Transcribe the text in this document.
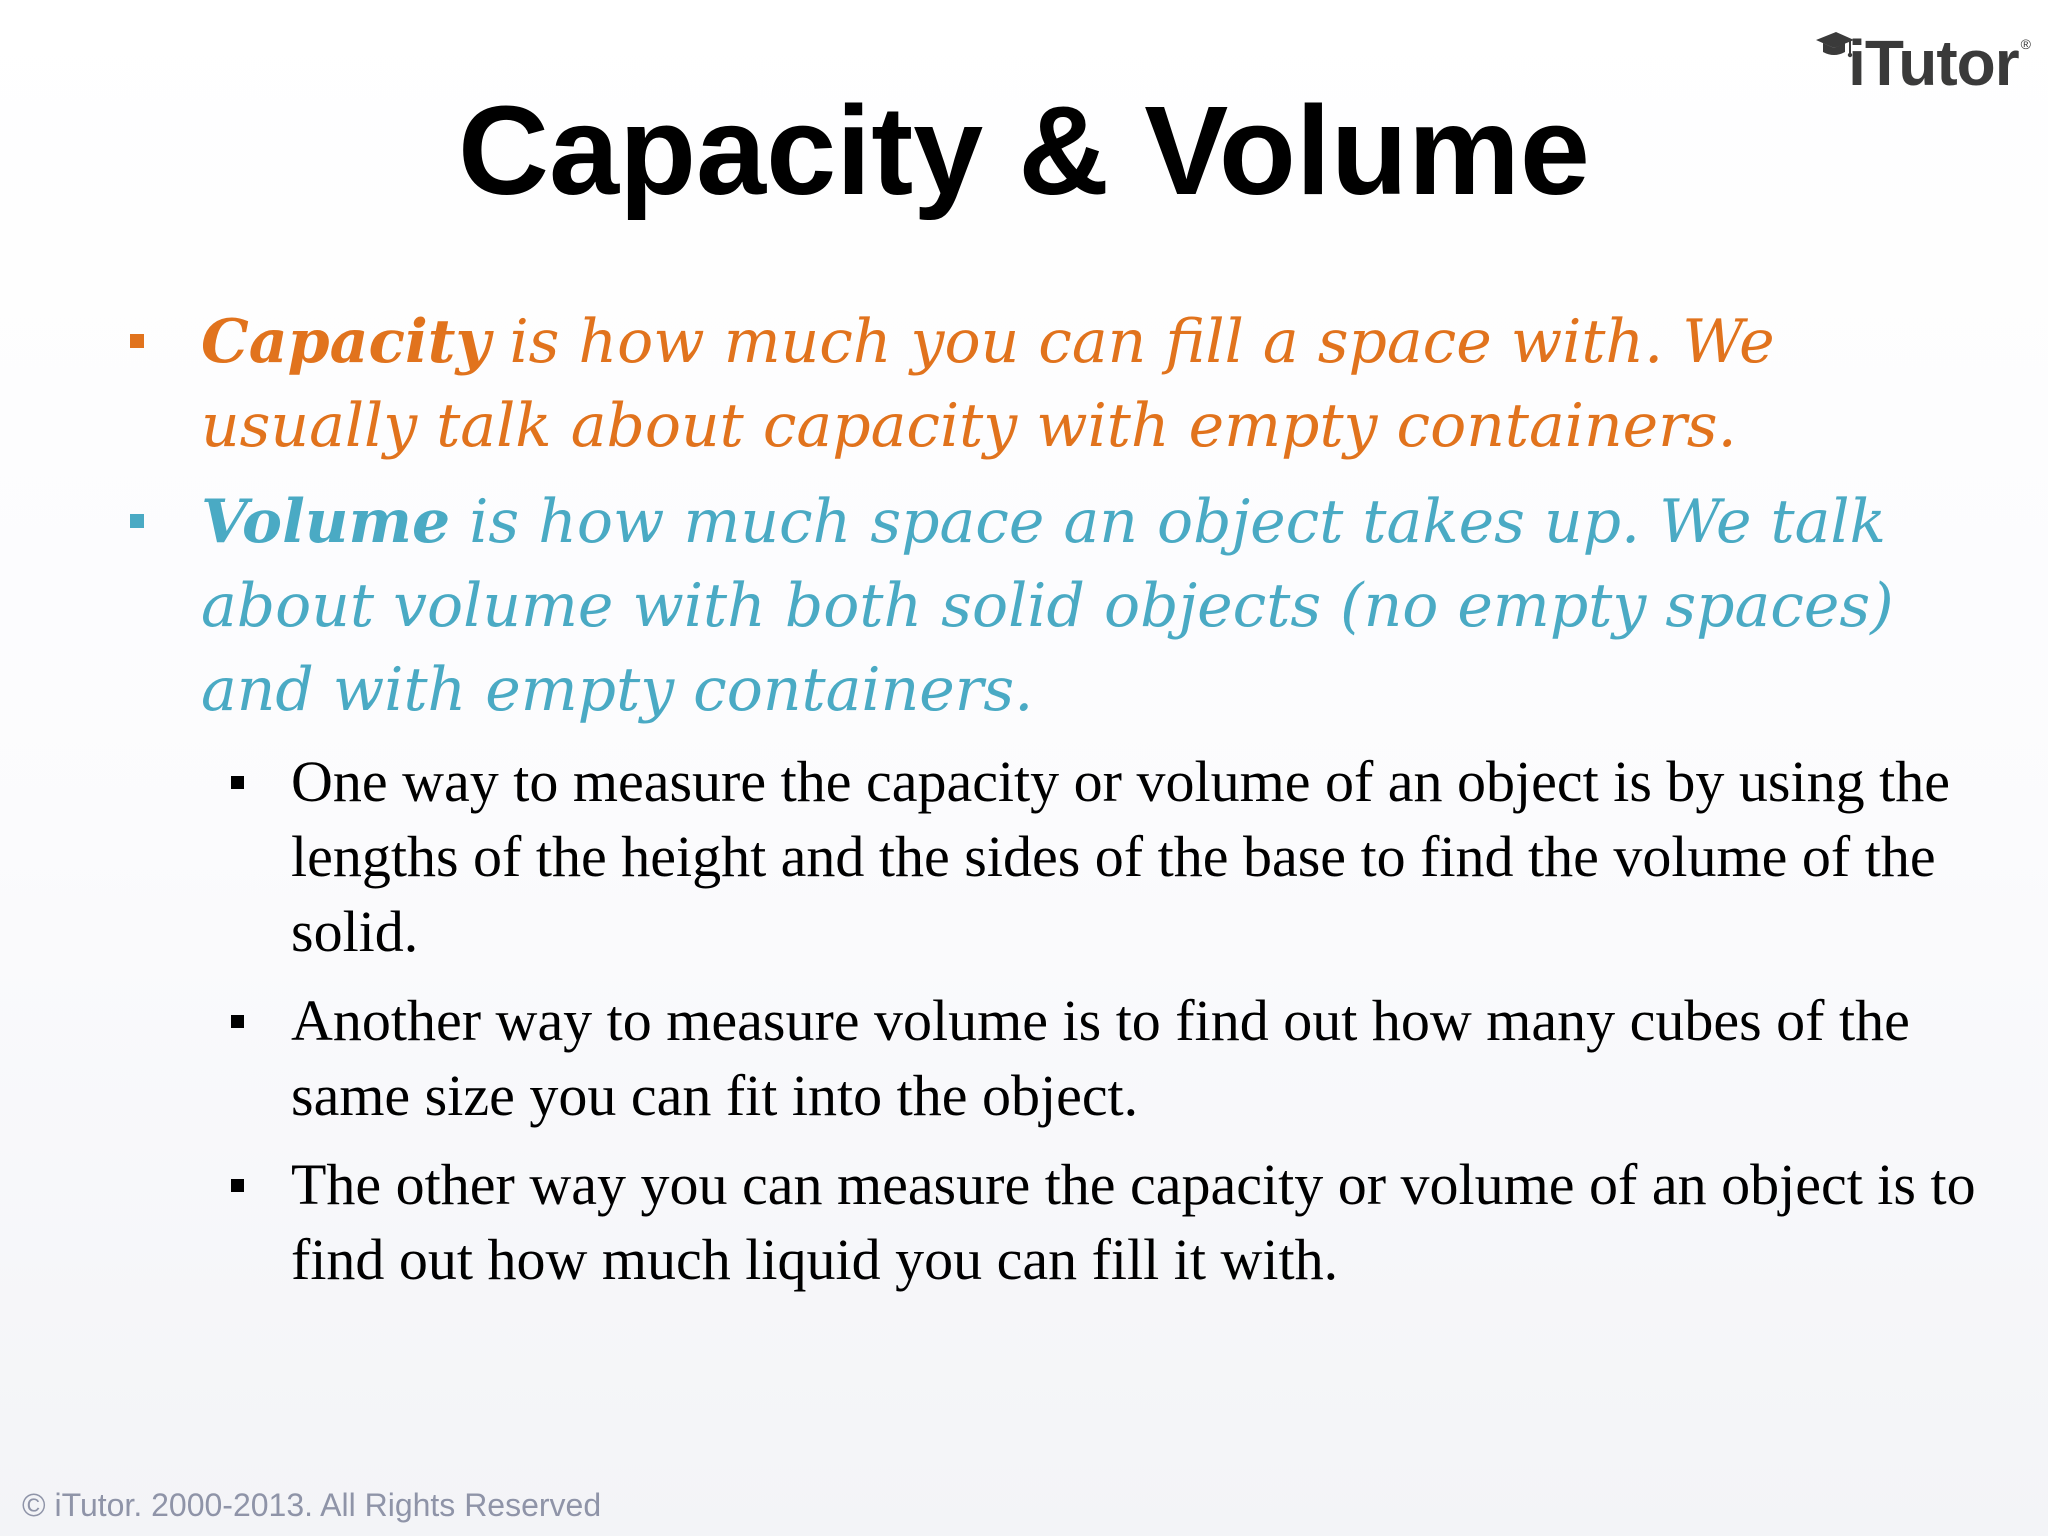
iTutor ®
Capacity & Volume
Capacity is how much you can fill a space with. We usually talk about capacity with empty containers.
Volume is how much space an object takes up. We talk about volume with both solid objects (no empty spaces) and with empty containers.
One way to measure the capacity or volume of an object is by using the lengths of the height and the sides of the base to find the volume of the solid.
Another way to measure volume is to find out how many cubes of the same size you can fit into the object.
The other way you can measure the capacity or volume of an object is to find out how much liquid you can fill it with.
© iTutor. 2000-2013. All Rights Reserved
